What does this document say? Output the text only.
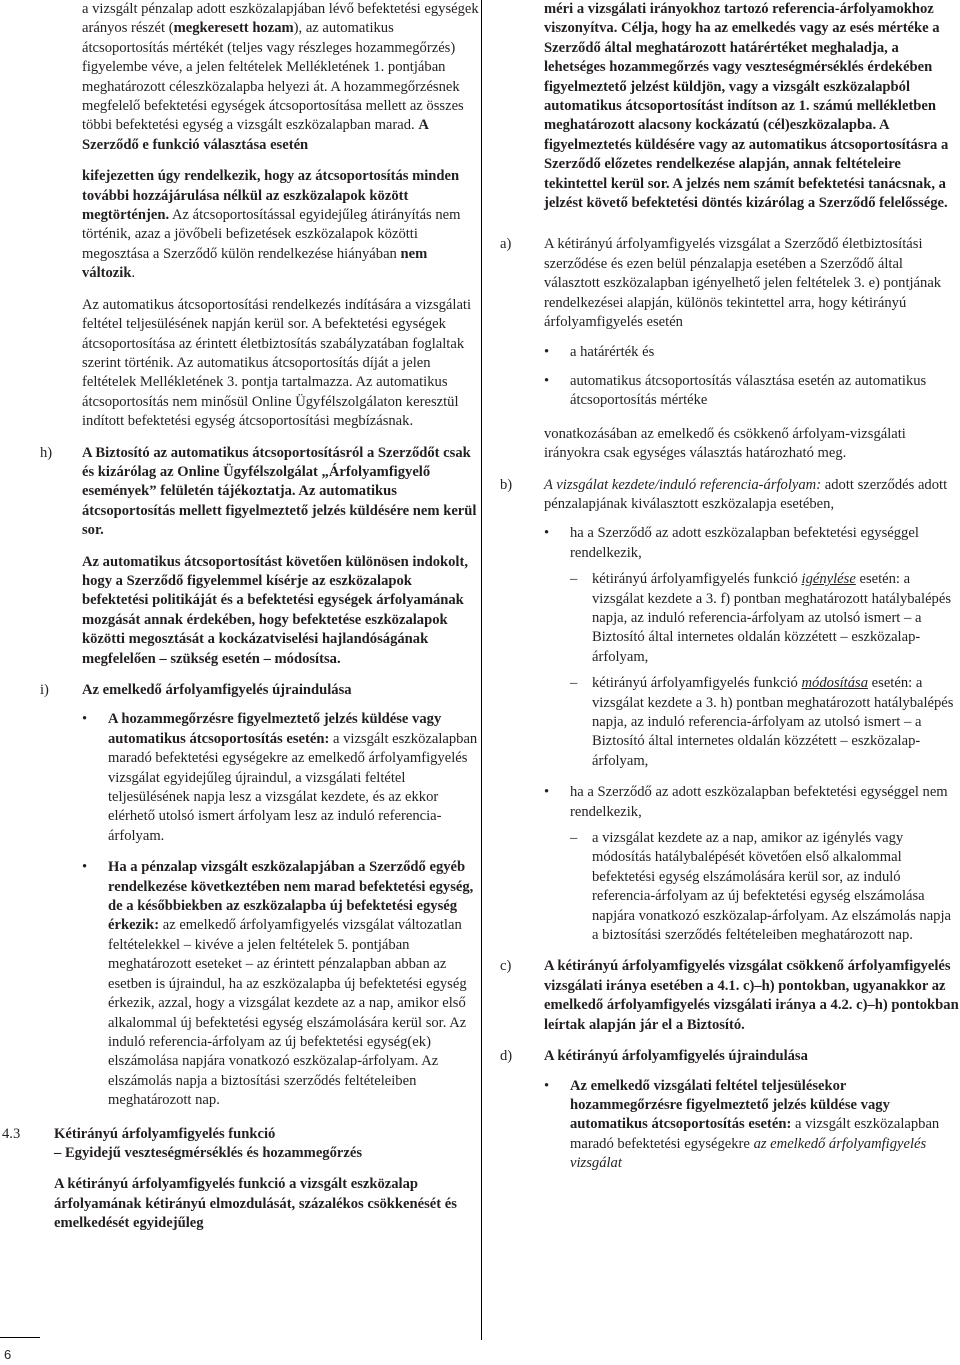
6

a vizsgált pénzalap adott eszközalapjában lévő befektetési egységek arányos részét (megkeresett hozam), az automatikus átcsoportosítás mértékét (teljes vagy részleges hozammegőrzés) figyelembe véve, a jelen feltételek Mellékletének 1. pontjában meghatározott céleszközalapba helyezi át. A hozammegőrzésnek megfelelő befektetési egységek átcsoportosítása mellett az összes többi befektetési egység a vizsgált eszközalapban marad. A Szerződő e funkció választása esetén

kifejezetten úgy rendelkezik, hogy az átcsoportosítás minden további hozzájárulása nélkül az eszközalapok között megtörténjen.

Az átcsoportosítással egyidejűleg átirányítás nem történik, azaz a jövőbeli befizetések eszközalapok közötti megosztása a Szerződő külön rendelkezése hiányában nem változik.

Az automatikus átcsoportosítási rendelkezés indítására a vizsgálati feltétel teljesülésének napján kerül sor. A befektetési egységek átcsoportosítása az érintett életbiztosítás szabályzatában foglaltak szerint történik. Az automatikus átcsoportosítás díját a jelen feltételek Mellékletének 3. pontja tartalmazza. Az automatikus átcsoportosítás nem minősül Online Ügyfélszolgálaton keresztül indított befektetési egység átcsoportosítási megbízásnak.

h)	A Biztosító az automatikus átcsoportosításról a Szerződőt csak és kizárólag az Online Ügyfélszolgálat „Árfolyamfigyelő események” felületén tájékoztatja. Az automatikus átcsoportosítás mellett figyelmeztető jelzés küldésére nem kerül sor.

Az automatikus átcsoportosítást követően különösen indokolt, hogy a Szerződő figyelemmel kísérje az eszközalapok befektetési politikáját és a befektetési egységek árfolyamának mozgását annak érdekében, hogy befektetése eszközalapok közötti megosztását a kockázatviselési hajlandóságának megfelelően – szükség esetén – módosítsa.

i)	Az emelkedő árfolyamfigyelés újraindulása

•	A hozammegőrzésre figyelmeztető jelzés küldése vagy automatikus átcsoportosítás esetén: a vizsgált eszközalapban maradó befektetési egységekre az emelkedő árfolyamfigyelés vizsgálat egyidejűleg újraindul, a vizsgálati feltétel teljesülésének napja lesz a vizsgálat kezdete, és az ekkor elérhető utolsó ismert árfolyam lesz az induló referencia-árfolyam.

•	Ha a pénzalap vizsgált eszközalapjában a Szerződő egyéb rendelkezése következtében nem marad befektetési egység, de a későbbiekben az eszközalapba új befektetési egység érkezik: az emelkedő árfolyamfigyelés vizsgálat változatlan feltételekkel – kivéve a jelen feltételek 5. pontjában meghatározott eseteket – az érintett pénzalapban abban az esetben is újraindul, ha az eszközalapba új befektetési egység érkezik, azzal, hogy a vizsgálat kezdete az a nap, amikor első alkalommal új befektetési egység elszámolására kerül sor. Az induló referencia-árfolyam az új befektetési egység(ek) elszámolása napjára vonatkozó eszközalap-árfolyam. Az elszámolás napja a biztosítási szerződés feltételeiben meghatározott nap.

4.3	Kétirányú árfolyamfigyelés funkció
– Egyidejű veszteségmérséklés és hozammegőrzés

A kétirányú árfolyamfigyelés funkció a vizsgált eszközalap árfolyamának kétirányú elmozdulását, százalékos csökkenését és emelkedését egyidejűleg

méri a vizsgálati irányokhoz tartozó referencia-árfolyamokhoz viszonyítva. Célja, hogy ha az emelkedés vagy az esés mértéke a Szerződő által meghatározott határértéket meghaladja, a lehetséges hozammegőrzés vagy veszteségmérséklés érdekében figyelmeztető jelzést küldjön, vagy a vizsgált eszközalapból automatikus átcsoportosítást indítson az 1. számú mellékletben meghatározott alacsony kockázatú (cél)eszközalapba. A figyelmeztetés küldésére vagy az automatikus átcsoportosításra a Szerződő előzetes rendelkezése alapján, annak feltételeire tekintettel kerül sor. A jelzés nem számít befektetési tanácsnak, a jelzést követő befektetési döntés kizárólag a Szerződő felelőssége.

a)	A kétirányú árfolyamfigyelés vizsgálat a Szerződő életbiztosítási szerződése és ezen belül pénzalapja esetében a Szerződő által választott eszközalapban igényelhető jelen feltételek 3. e) pontjának rendelkezései alapján, különös tekintettel arra, hogy kétirányú árfolyamfigyelés esetén

•	a határérték és

•	automatikus átcsoportosítás választása esetén az automatikus átcsoportosítás mértéke

vonatkozásában az emelkedő és csökkenő árfolyam-vizsgálati irányokra csak egységes választás határozható meg.

b)	A vizsgálat kezdete/induló referencia-árfolyam: adott szerződés adott pénzalapjának kiválasztott eszközalapja esetében,

•	ha a Szerződő az adott eszközalapban befektetési egységgel rendelkezik,

–	kétirányú árfolyamfigyelés funkció igénylése esetén: a vizsgálat kezdete a 3. f) pontban meghatározott hatálybalépés napja, az induló referencia-árfolyam az utolsó ismert – a Biztosító által internetes oldalán közzétett – eszközalap-árfolyam,

–	kétirányú árfolyamfigyelés funkció módosítása esetén: a vizsgálat kezdete a 3. h) pontban meghatározott hatálybalépés napja, az induló referencia-árfolyam az utolsó ismert – a Biztosító által internetes oldalán közzétett – eszközalap-árfolyam,

•	ha a Szerződő az adott eszközalapban befektetési egységgel nem rendelkezik,

–	a vizsgálat kezdete az a nap, amikor az igénylés vagy módosítás hatálybalépését követően első alkalommal befektetési egység elszámolására kerül sor, az induló referencia-árfolyam az új befektetési egység elszámolása napjára vonatkozó eszközalap-árfolyam. Az elszámolás napja a biztosítási szerződés feltételeiben meghatározott nap.

c)	A kétirányú árfolyamfigyelés vizsgálat csökkenő árfolyamfigyelés vizsgálati iránya esetében a 4.1. c)–h) pontokban, ugyanakkor az emelkedő árfolyamfigyelés vizsgálati iránya a 4.2. c)–h) pontokban leírtak alapján jár el a Biztosító.

d)	A kétirányú árfolyamfigyelés újraindulása

•	Az emelkedő vizsgálati feltétel teljesülésekor hozammegőrzésre figyelmeztető jelzés küldése vagy automatikus átcsoportosítás esetén: a vizsgált eszközalapban maradó befektetési egységekre az emelkedő árfolyamfigyelés vizsgálat
